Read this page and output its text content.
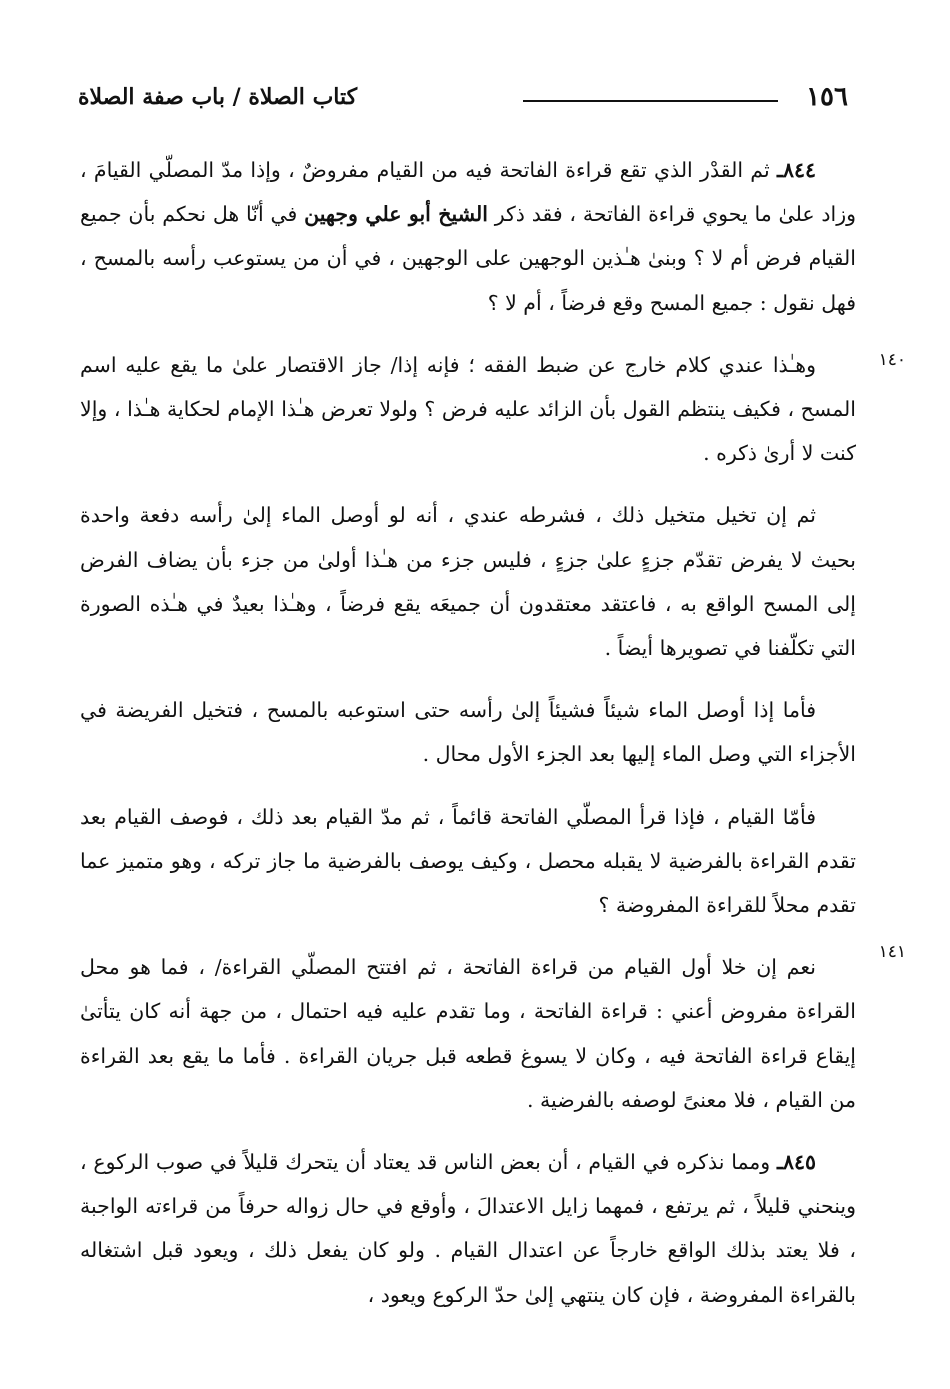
١٥٦
كتاب الصلاة / باب صفة الصلاة
١٤٠
١٤١

٨٤٤ـ ثم القدْر الذي تقع قراءة الفاتحة فيه من القيام مفروضٌ ، وإذا مدّ المصلّي القيامَ ، وزاد علىٰ ما يحوي قراءة الفاتحة ، فقد ذكر الشيخ أبو علي وجهين في أنّا هل نحكم بأن جميع القيام فرض أم لا ؟ وبنىٰ هـٰذين الوجهين على الوجهين ، في أن من يستوعب رأسه بالمسح ، فهل نقول : جميع المسح وقع فرضاً ، أم لا ؟

وهـٰذا عندي كلام خارج عن ضبط الفقه ؛ فإنه إذا/ جاز الاقتصار علىٰ ما يقع عليه اسم المسح ، فكيف ينتظم القول بأن الزائد عليه فرض ؟ ولولا تعرض هـٰذا الإمام لحكاية هـٰذا ، وإلا كنت لا أرىٰ ذكره .

ثم إن تخيل متخيل ذلك ، فشرطه عندي ، أنه لو أوصل الماء إلىٰ رأسه دفعة واحدة بحيث لا يفرض تقدّم جزءٍ علىٰ جزءٍ ، فليس جزء من هـٰذا أولىٰ من جزء بأن يضاف الفرض إلى المسح الواقع به ، فاعتقد معتقدون أن جميعَه يقع فرضاً ، وهـٰذا بعيدٌ في هـٰذه الصورة التي تكلّفنا في تصويرها أيضاً .

فأما إذا أوصل الماء شيئاً فشيئاً إلىٰ رأسه حتى استوعبه بالمسح ، فتخيل الفريضة في الأجزاء التي وصل الماء إليها بعد الجزء الأول محال .

فأمّا القيام ، فإذا قرأ المصلّي الفاتحة قائماً ، ثم مدّ القيام بعد ذلك ، فوصف القيام بعد تقدم القراءة بالفرضية لا يقبله محصل ، وكيف يوصف بالفرضية ما جاز تركه ، وهو متميز عما تقدم محلاً للقراءة المفروضة ؟

نعم إن خلا أول القيام من قراءة الفاتحة ، ثم افتتح المصلّي القراءة/ ، فما هو محل القراءة مفروض أعني : قراءة الفاتحة ، وما تقدم عليه فيه احتمال ، من جهة أنه كان يتأتىٰ إيقاع قراءة الفاتحة فيه ، وكان لا يسوغ قطعه قبل جريان القراءة . فأما ما يقع بعد القراءة من القيام ، فلا معنىً لوصفه بالفرضية .

٨٤٥ـ ومما نذكره في القيام ، أن بعض الناس قد يعتاد أن يتحرك قليلاً في صوب الركوع ، وينحني قليلاً ، ثم يرتفع ، فمهما زايل الاعتدالَ ، وأوقع في حال زواله حرفاً من قراءته الواجبة ، فلا يعتد بذلك الواقع خارجاً عن اعتدال القيام . ولو كان يفعل ذلك ، ويعود قبل اشتغاله بالقراءة المفروضة ، فإن كان ينتهي إلىٰ حدّ الركوع ويعود ،
